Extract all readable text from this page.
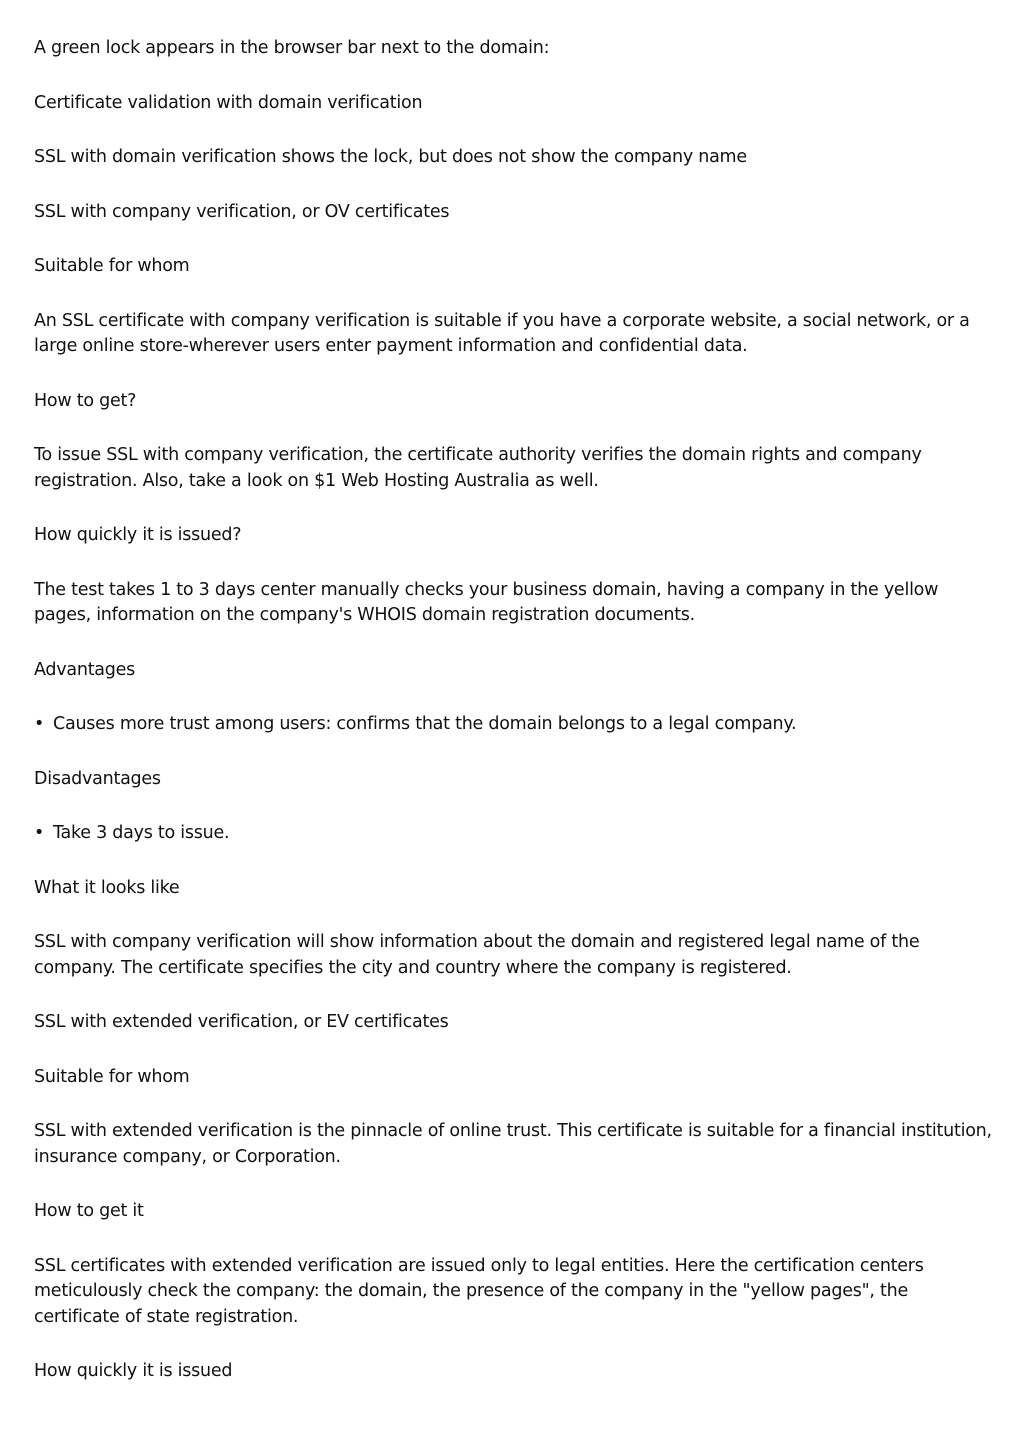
A green lock appears in the browser bar next to the domain:

Certificate validation with domain verification

SSL with domain verification shows the lock, but does not show the company name

SSL with company verification, or OV certificates

Suitable for whom

An SSL certificate with company verification is suitable if you have a corporate website, a social network, or a large online store-wherever users enter payment information and confidential data.

How to get?

To issue SSL with company verification, the certificate authority verifies the domain rights and company registration. Also, take a look on $1 Web Hosting Australia as well.

How quickly it is issued?

The test takes 1 to 3 days center manually checks your business domain, having a company in the yellow pages, information on the company's WHOIS domain registration documents.

Advantages

• Causes more trust among users: confirms that the domain belongs to a legal company.

Disadvantages

• Take 3 days to issue.

What it looks like

SSL with company verification will show information about the domain and registered legal name of the company. The certificate specifies the city and country where the company is registered.

SSL with extended verification, or EV certificates

Suitable for whom

SSL with extended verification is the pinnacle of online trust. This certificate is suitable for a financial institution, insurance company, or Corporation.

How to get it

SSL certificates with extended verification are issued only to legal entities. Here the certification centers meticulously check the company: the domain, the presence of the company in the "yellow pages", the certificate of state registration.

How quickly it is issued
